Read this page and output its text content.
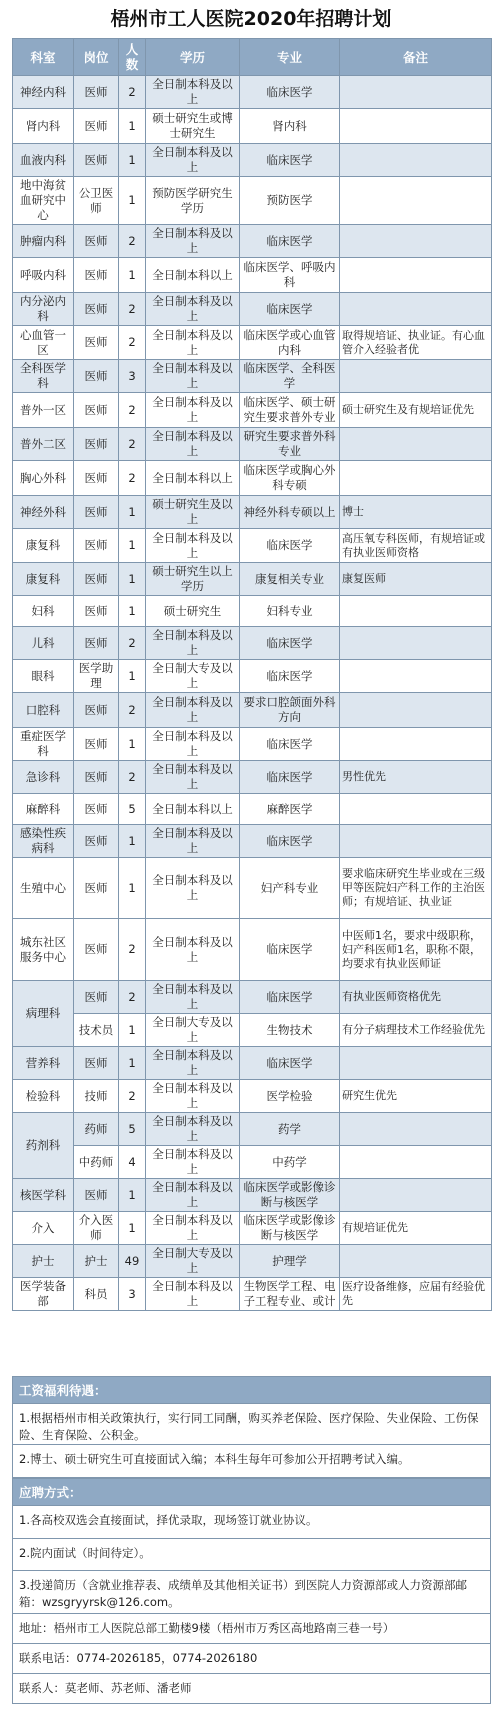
梧州市工人医院2020年招聘计划
科室	岗位	人数	学历	专业	备注
神经内科	医师	2	全日制本科及以上	临床医学	
肾内科	医师	1	硕士研究生或博士研究生	肾内科	
血液内科	医师	1	全日制本科及以上	临床医学	
地中海贫血研究中心	公卫医师	1	预防医学研究生学历	预防医学	
肿瘤内科	医师	2	全日制本科及以上	临床医学	
呼吸内科	医师	1	全日制本科以上	临床医学、呼吸内科	
内分泌内科	医师	2	全日制本科及以上	临床医学	
心血管一区	医师	2	全日制本科及以上	临床医学或心血管内科	取得规培证、执业证。有心血管介入经验者优
全科医学科	医师	3	全日制本科及以上	临床医学、全科医学	
普外一区	医师	2	全日制本科及以上	临床医学、硕士研究生要求普外专业	硕士研究生及有规培证优先
普外二区	医师	2	全日制本科及以上	研究生要求普外科专业	
胸心外科	医师	2	全日制本科以上	临床医学或胸心外科专硕	
神经外科	医师	1	硕士研究生及以上	神经外科专硕以上	博士
康复科	医师	1	全日制本科及以上	临床医学	高压氧专科医师，有规培证或有执业医师资格
康复科	医师	1	硕士研究生以上学历	康复相关专业	康复医师
妇科	医师	1	硕士研究生	妇科专业	
儿科	医师	2	全日制本科及以上	临床医学	
眼科	医学助理	1	全日制大专及以上	临床医学	
口腔科	医师	2	全日制本科及以上	要求口腔颌面外科方向	
重症医学科	医师	1	全日制本科及以上	临床医学	
急诊科	医师	2	全日制本科及以上	临床医学	男性优先
麻醉科	医师	5	全日制本科以上	麻醉医学	
感染性疾病科	医师	1	全日制本科及以上	临床医学	
生殖中心	医师	1	全日制本科及以上	妇产科专业	要求临床研究生毕业或在三级甲等医院妇产科工作的主治医师；有规培证、执业证
城东社区服务中心	医师	2	全日制本科及以上	临床医学	中医师1名，要求中级职称，妇产科医师1名，职称不限，均要求有执业医师证
病理科	医师	2	全日制本科及以上	临床医学	有执业医师资格优先
	技术员	1	全日制大专及以上	生物技术	有分子病理技术工作经验优先
营养科	医师	1	全日制本科及以上	临床医学	
检验科	技师	2	全日制本科及以上	医学检验	研究生优先
药剂科	药师	5	全日制本科及以上	药学	
	中药师	4	全日制本科及以上	中药学	
核医学科	医师	1	全日制本科及以上	临床医学或影像诊断与核医学	
介入	介入医师	1	全日制本科及以上	临床医学或影像诊断与核医学	有规培证优先
护士	护士	49	全日制大专及以上	护理学	
医学装备部	科员	3	全日制本科及以上	生物医学工程、电子工程专业、或计	医疗设备维修，应届有经验优先
工资福利待遇：
1.根据梧州市相关政策执行，实行同工同酬，购买养老保险、医疗保险、失业保险、工伤保险、生育保险、公积金。
2.博士、硕士研究生可直接面试入编；本科生每年可参加公开招聘考试入编。
应聘方式：
1.各高校双选会直接面试，择优录取，现场签订就业协议。
2.院内面试（时间待定）。
3.投递简历（含就业推荐表、成绩单及其他相关证书）到医院人力资源部或人力资源部邮箱：wzsgryyrsk@126.com。
地址：梧州市工人医院总部工勤楼9楼（梧州市万秀区高地路南三巷一号）
联系电话：0774-2026185，0774-2026180
联系人：莫老师、苏老师、潘老师
